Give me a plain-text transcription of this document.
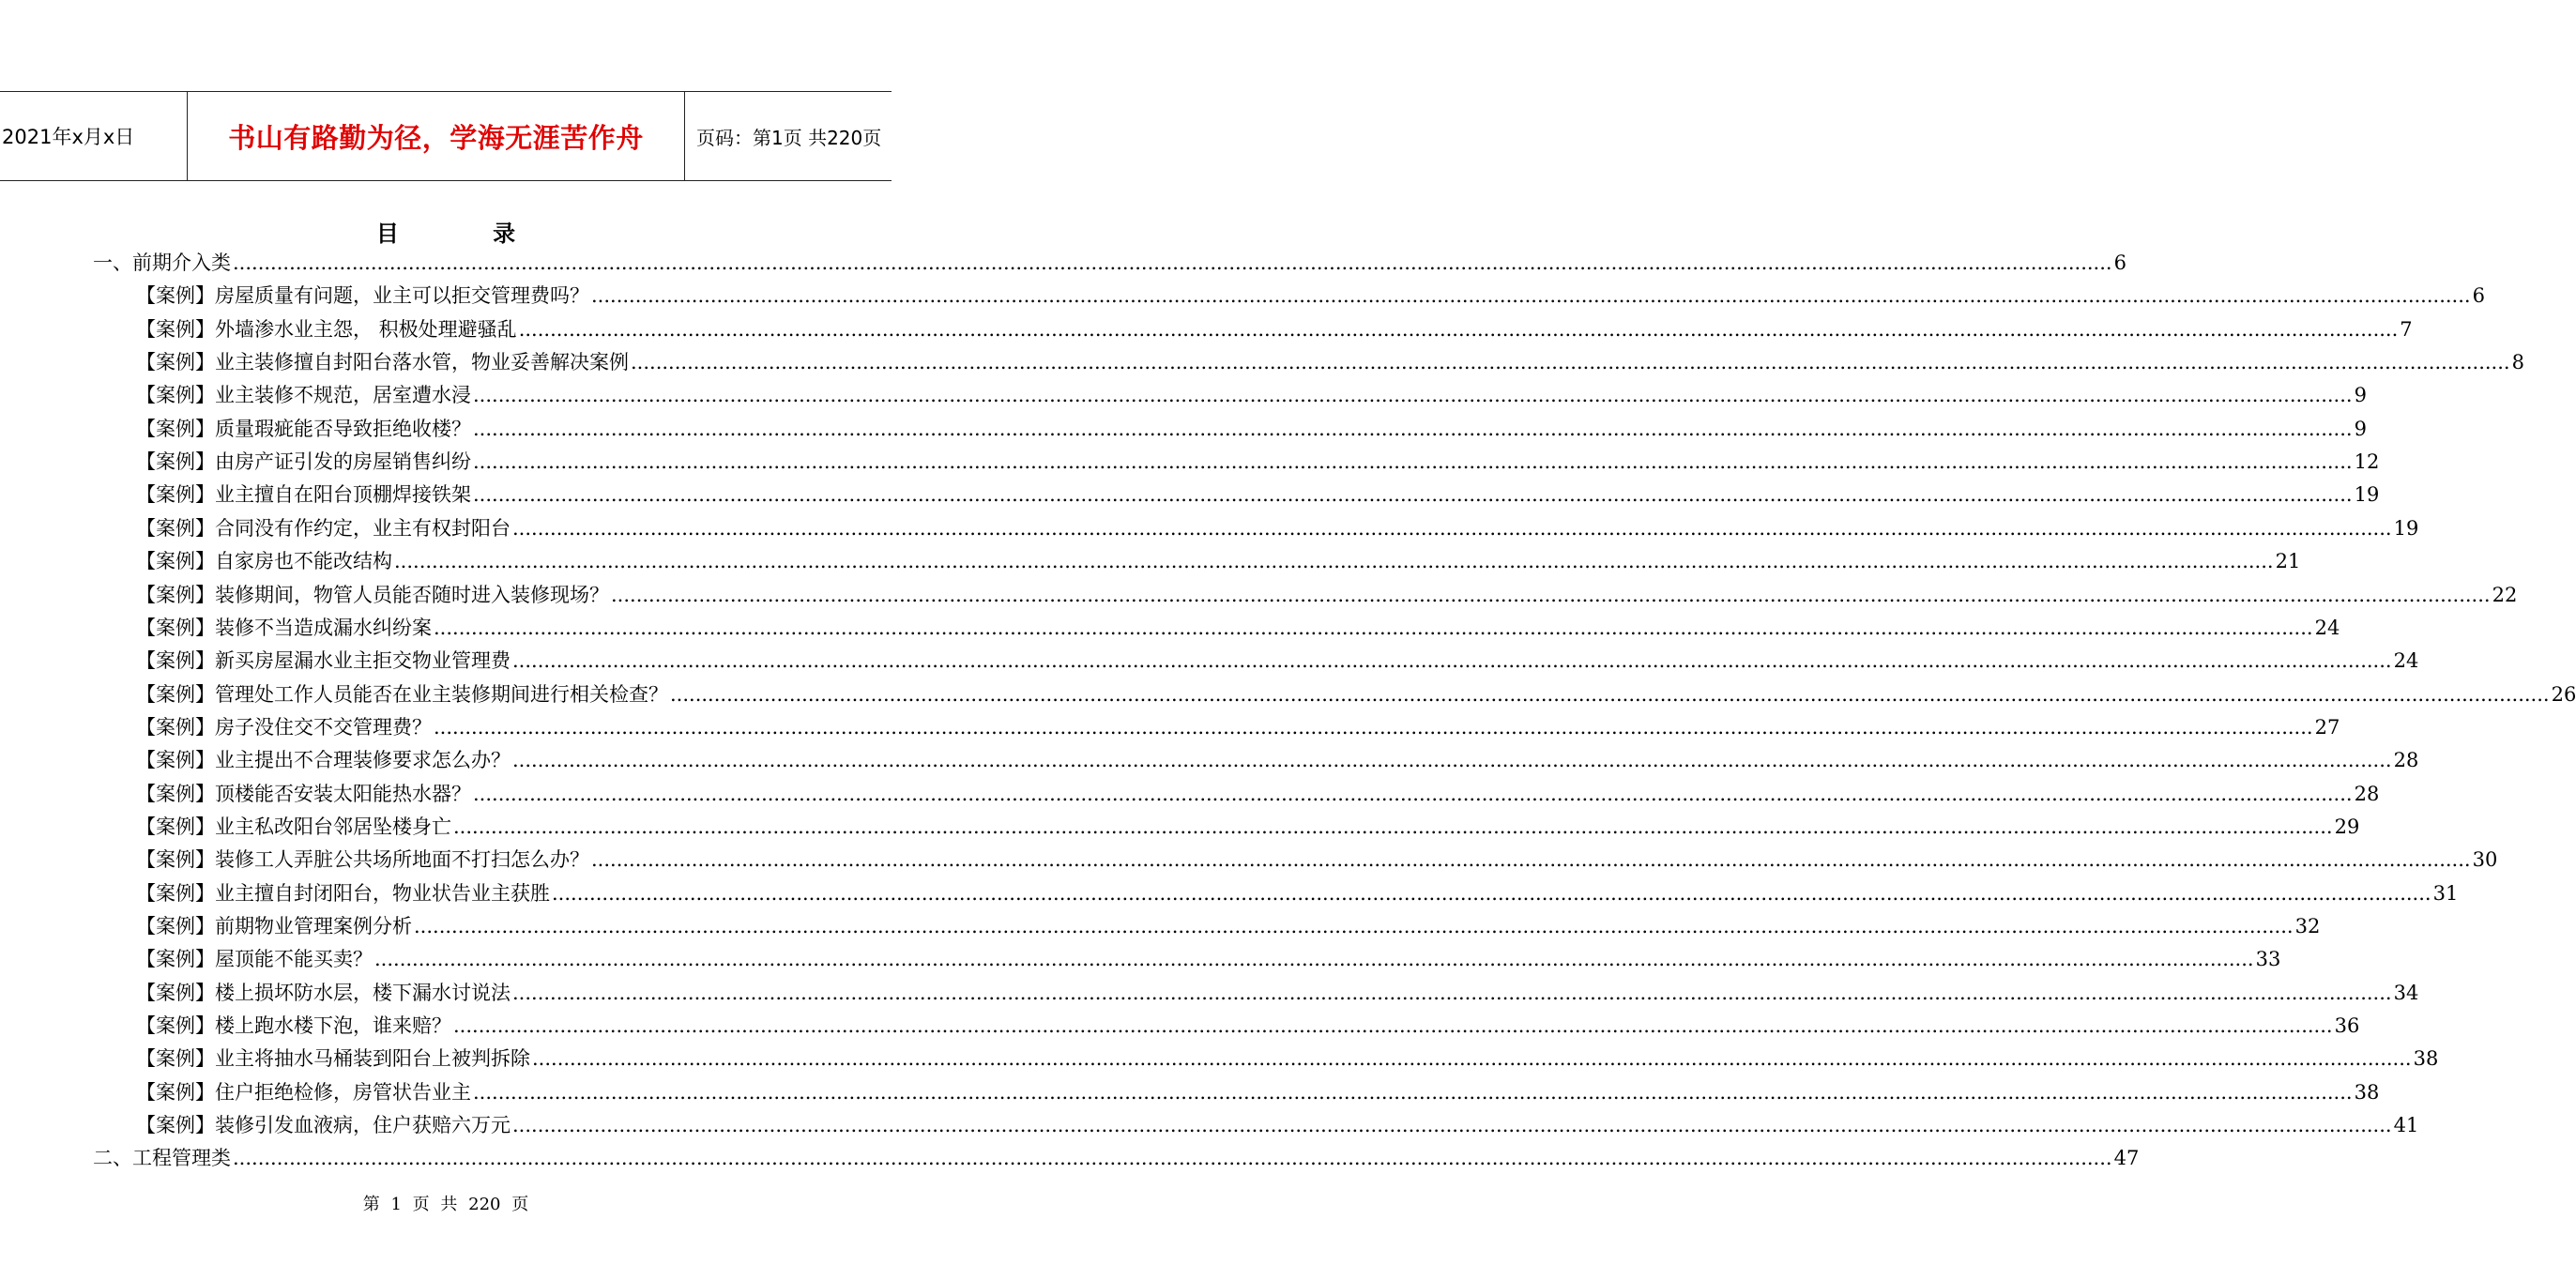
2021年x月x日	书山有路勤为径，学海无涯苦作舟	页码：第1页 共220页
目 录
一、前期介入类 ............................................................................................................................................................................................................................................................................................................ 6
【案例】房屋质量有问题，业主可以拒交管理费吗？ ............................................................................................................................................................................................................................................................................................................ 6
【案例】外墙渗水业主怨， 积极处理避骚乱 ............................................................................................................................................................................................................................................................................................................ 7
【案例】业主装修擅自封阳台落水管，物业妥善解决案例 ............................................................................................................................................................................................................................................................................................................ 8
【案例】业主装修不规范，居室遭水浸 ............................................................................................................................................................................................................................................................................................................ 9
【案例】质量瑕疵能否导致拒绝收楼？ ............................................................................................................................................................................................................................................................................................................ 9
【案例】由房产证引发的房屋销售纠纷 ............................................................................................................................................................................................................................................................................................................ 12
【案例】业主擅自在阳台顶棚焊接铁架 ............................................................................................................................................................................................................................................................................................................ 19
【案例】合同没有作约定，业主有权封阳台 ............................................................................................................................................................................................................................................................................................................ 19
【案例】自家房也不能改结构 ............................................................................................................................................................................................................................................................................................................ 21
【案例】装修期间，物管人员能否随时进入装修现场？ ............................................................................................................................................................................................................................................................................................................ 22
【案例】装修不当造成漏水纠纷案 ............................................................................................................................................................................................................................................................................................................ 24
【案例】新买房屋漏水业主拒交物业管理费 ............................................................................................................................................................................................................................................................................................................ 24
【案例】管理处工作人员能否在业主装修期间进行相关检查？ ............................................................................................................................................................................................................................................................................................................ 26
【案例】房子没住交不交管理费？ ............................................................................................................................................................................................................................................................................................................ 27
【案例】业主提出不合理装修要求怎么办？ ............................................................................................................................................................................................................................................................................................................ 28
【案例】顶楼能否安装太阳能热水器？ ............................................................................................................................................................................................................................................................................................................ 28
【案例】业主私改阳台邻居坠楼身亡 ............................................................................................................................................................................................................................................................................................................ 29
【案例】装修工人弄脏公共场所地面不打扫怎么办？ ............................................................................................................................................................................................................................................................................................................ 30
【案例】业主擅自封闭阳台，物业状告业主获胜 ............................................................................................................................................................................................................................................................................................................ 31
【案例】前期物业管理案例分析 ............................................................................................................................................................................................................................................................................................................ 32
【案例】屋顶能不能买卖？ ............................................................................................................................................................................................................................................................................................................ 33
【案例】楼上损坏防水层，楼下漏水讨说法 ............................................................................................................................................................................................................................................................................................................ 34
【案例】楼上跑水楼下泡，谁来赔？ ............................................................................................................................................................................................................................................................................................................ 36
【案例】业主将抽水马桶装到阳台上被判拆除 ............................................................................................................................................................................................................................................................................................................ 38
【案例】住户拒绝检修，房管状告业主 ............................................................................................................................................................................................................................................................................................................ 38
【案例】装修引发血液病，住户获赔六万元 ............................................................................................................................................................................................................................................................................................................ 41
二、工程管理类 ............................................................................................................................................................................................................................................................................................................ 47
第 1 页 共 220 页
